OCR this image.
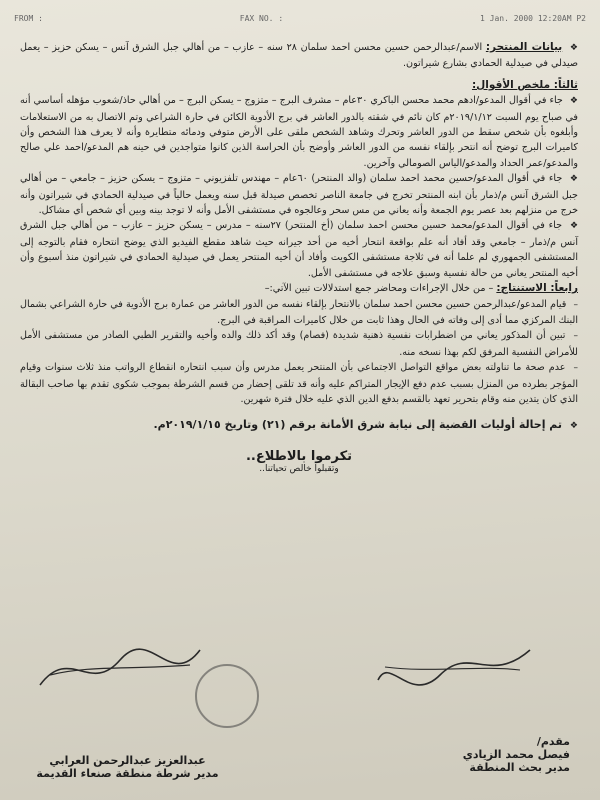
FROM :	FAX NO. :	1 Jan. 2000 12:20AM P2

❖ بيانات المنتحر: الاسم/عبدالرحمن حسين محسن احمد سلمان ٢٨ سنه – عازب – من أهالي جبل الشرق آنس – يسكن حزيز – يعمل صيدلي في صيدلية الحمادي بشارع شيراتون.

ثالثاً: ملخص الأقوال:

❖ جاء في أقوال المدعو/ادهم محمد محسن الباكري ٣٠عام – مشرف البرج – متزوج – يسكن البرج – من أهالي حاذ/شعوب مؤهله أساسي أنه في صباح يوم السبت ٢٠١٩/١/١٢م كان نائم في شقته بالدور العاشر في برج الأدوية الكائن في حارة الشراعي وتم الاتصال به من الاستعلامات وأبلغوه بأن شخص سقط من الدور العاشر وتحرك وشاهد الشخص ملقى على الأرض متوفي ودمائه متطايرة وأنه لا يعرف هذا الشخص وأن كاميرات البرج توضح أنه انتحر بإلقاء نفسه من الدور العاشر وأوضح بأن الحراسة الذين كانوا متواجدين في حينه هم المدعو/احمد علي صالح والمدعو/عمر الحداد والمدعو/الياس الصومالي وآخرين.

❖ جاء في أقوال المدعو/حسين محمد احمد سلمان (والد المنتحر) ٦٠عام – مهندس تلفزيوني – متزوج – يسكن حزيز – جامعي – من أهالي جبل الشرق آنس م/ذمار بأن ابنه المنتحر تخرج في جامعة الناصر تخصص صيدلة قبل سنه ويعمل حالياً في صيدلية الحمادي في شيراتون وأنه خرج من منزلهم بعد عصر يوم الجمعة وأنه يعاني من مس سحر وعالجوه في مستشفى الأمل وأنه لا توجد بينه وبين أي شخص أي مشاكل.

❖ جاء في أقوال المدعو/محمد حسين محسن احمد سلمان (أخ المنتحر) ٢٧سنه – مدرس – يسكن حزيز – عازب – من أهالي جبل الشرق آنس م/ذمار – جامعي وقد أفاد أنه علم بواقعة انتحار أخيه من أحد جيرانه حيث شاهد مقطع الفيديو الذي يوضح انتحاره فقام بالتوجه إلى المستشفى الجمهوري لم علما أنه في ثلاجة مستشفى الكويت وأفاد أن أخيه المنتحر يعمل في صيدلية الحمادي في شيراتون منذ أسبوع وأن أخيه المنتحر يعاني من حالة نفسية وسبق علاجه في مستشفى الأمل.

رابعاً: الاستنتاج: – من خلال الإجراءات ومحاضر جمع استدلالات تبين الآتي:–

– قيام المدعو/عبدالرحمن حسين محسن احمد سلمان بالانتحار بإلقاء نفسه من الدور العاشر من عمارة برج الأدوية في حارة الشراعي بشمال البنك المركزي مما أدى إلى وفاته في الحال وهذا ثابت من خلال كاميرات المراقبة في البرج.

– تبين أن المذكور يعاني من اضطرابات نفسية ذهنية شديدة (فصام) وقد أكد ذلك والده وأخيه والتقرير الطبي الصادر من مستشفى الأمل للأمراض النفسية المرفق لكم بهذا نسخه منه.

– عدم صحة ما تناولته بعض مواقع التواصل الاجتماعي بأن المنتحر يعمل مدرس وأن سبب انتحاره انقطاع الرواتب منذ ثلاث سنوات وقيام المؤجر بطرده من المنزل بسبب عدم دفع الإيجار المتراكم عليه وأنه قد تلقى إحضار من قسم الشرطة بموجب شكوى تقدم بها صاحب البقالة الذي كان يتدين منه وقام بتحرير تعهد بالقسم بدفع الدين الذي عليه خلال فترة شهرين.

❖ تم إحالة أوليات القضية إلى نيابة شرق الأمانة برقم (٢١) وتاريخ ٢٠١٩/١/١٥م.

تكرموا بالاطلاع..
وتقبلوا خالص تحياتنا..
عبدالعزيز عبدالرحمن العرابي
مدير شرطة منطقة صنعاء القديمة
مقدم/
فيصل محمد الزيادي
مدير بحث المنطقة
